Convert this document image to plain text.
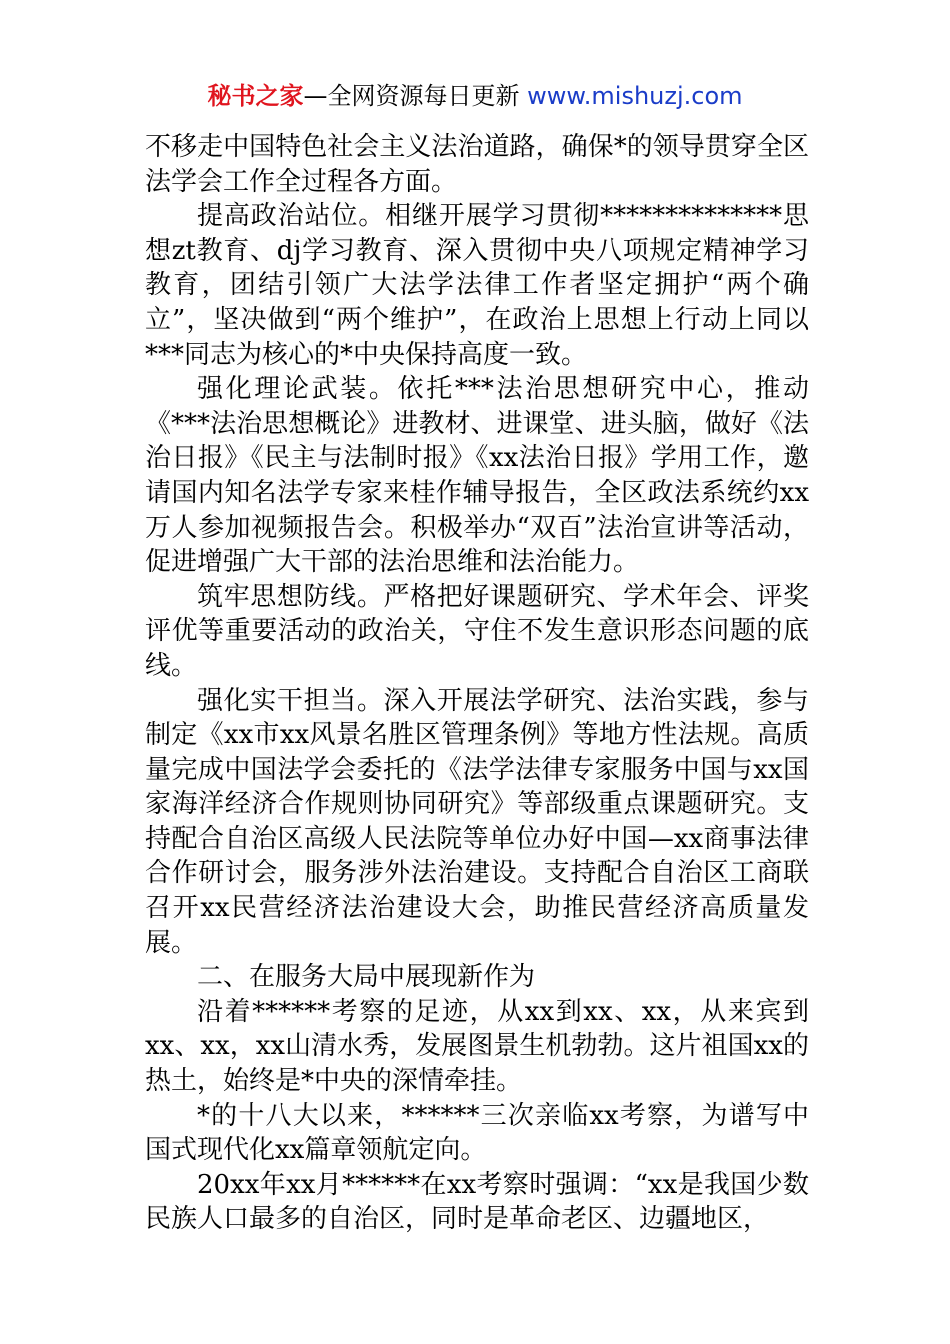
秘书之家—全网资源每日更新 www.mishuzj.com

不移走中国特色社会主义法治道路，确保*的领导贯穿全区法学会工作全过程各方面。

提高政治站位。相继开展学习贯彻**************思想zt教育、dj学习教育、深入贯彻中央八项规定精神学习教育，团结引领广大法学法律工作者坚定拥护“两个确立”，坚决做到“两个维护”，在政治上思想上行动上同以***同志为核心的*中央保持高度一致。

强化理论武装。依托***法治思想研究中心，推动《***法治思想概论》进教材、进课堂、进头脑，做好《法治日报》《民主与法制时报》《xx法治日报》学用工作，邀请国内知名法学专家来桂作辅导报告，全区政法系统约xx万人参加视频报告会。积极举办“双百”法治宣讲等活动，促进增强广大干部的法治思维和法治能力。

筑牢思想防线。严格把好课题研究、学术年会、评奖评优等重要活动的政治关，守住不发生意识形态问题的底线。

强化实干担当。深入开展法学研究、法治实践，参与制定《xx市xx风景名胜区管理条例》等地方性法规。高质量完成中国法学会委托的《法学法律专家服务中国与xx国家海洋经济合作规则协同研究》等部级重点课题研究。支持配合自治区高级人民法院等单位办好中国—xx商事法律合作研讨会，服务涉外法治建设。支持配合自治区工商联召开xx民营经济法治建设大会，助推民营经济高质量发展。

二、在服务大局中展现新作为

沿着******考察的足迹，从xx到xx、xx，从来宾到xx、xx，xx山清水秀，发展图景生机勃勃。这片祖国xx的热土，始终是*中央的深情牵挂。

*的十八大以来，******三次亲临xx考察，为谱写中国式现代化xx篇章领航定向。

20xx年xx月******在xx考察时强调：“xx是我国少数民族人口最多的自治区，同时是革命老区、边疆地区，
